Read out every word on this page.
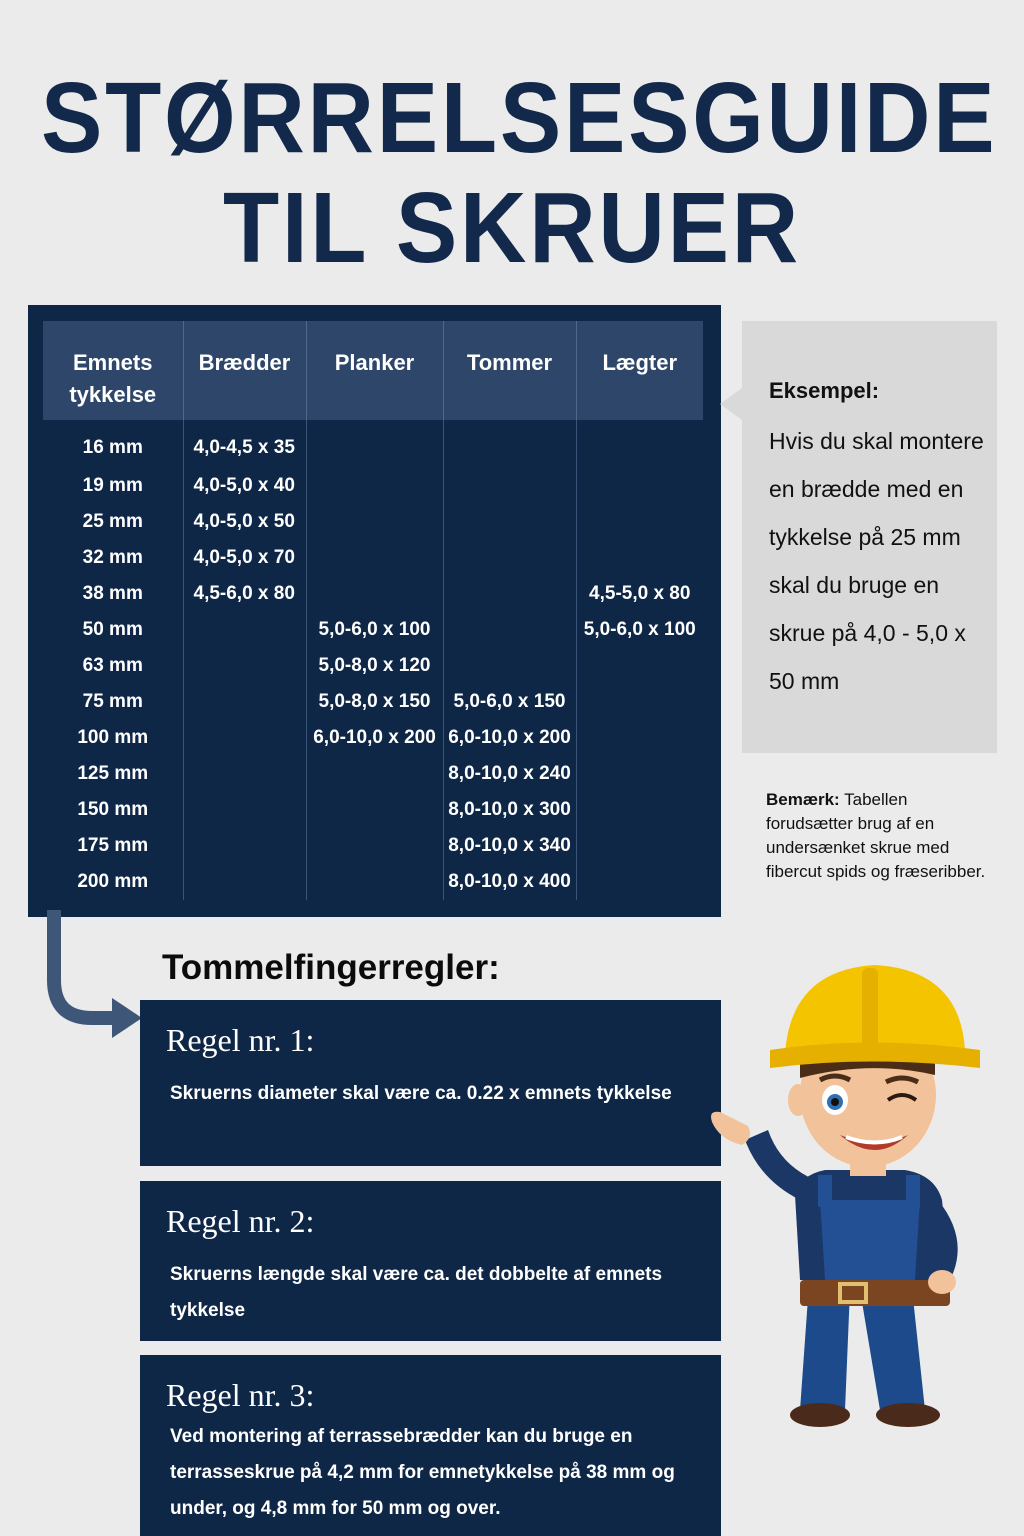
STØRRELSESGUIDE
TIL SKRUER
Emnets tykkelse	Brædder	Planker	Tommer	Lægter
16 mm	4,0-4,5 x 35			
19 mm	4,0-5,0 x 40			
25 mm	4,0-5,0 x 50			
32 mm	4,0-5,0 x 70			
38 mm	4,5-6,0 x 80			4,5-5,0 x 80
50 mm		5,0-6,0 x 100		5,0-6,0 x 100
63 mm		5,0-8,0 x 120		
75 mm		5,0-8,0 x 150	5,0-6,0 x 150	
100 mm		6,0-10,0 x 200	6,0-10,0 x 200	
125 mm			8,0-10,0 x 240	
150 mm			8,0-10,0 x 300	
175 mm			8,0-10,0 x 340	
200 mm			8,0-10,0 x 400	
Eksempel:
Hvis du skal montere en brædde med en tykkelse på 25 mm skal du bruge en skrue på 4,0 - 5,0 x 50 mm
Bemærk: Tabellen forudsætter brug af en undersænket skrue med fibercut spids og fræseribber.
Tommelfingerregler:
Regel nr. 1:
Skruerns diameter skal være ca. 0.22 x emnets tykkelse
Regel nr. 2:
Skruerns længde skal være ca. det dobbelte af emnets tykkelse
Regel nr. 3:
Ved montering af terrassebrædder kan du bruge en terrasseskrue på 4,2 mm for emnetykkelse på 38 mm og under, og 4,8 mm for 50 mm og over.
